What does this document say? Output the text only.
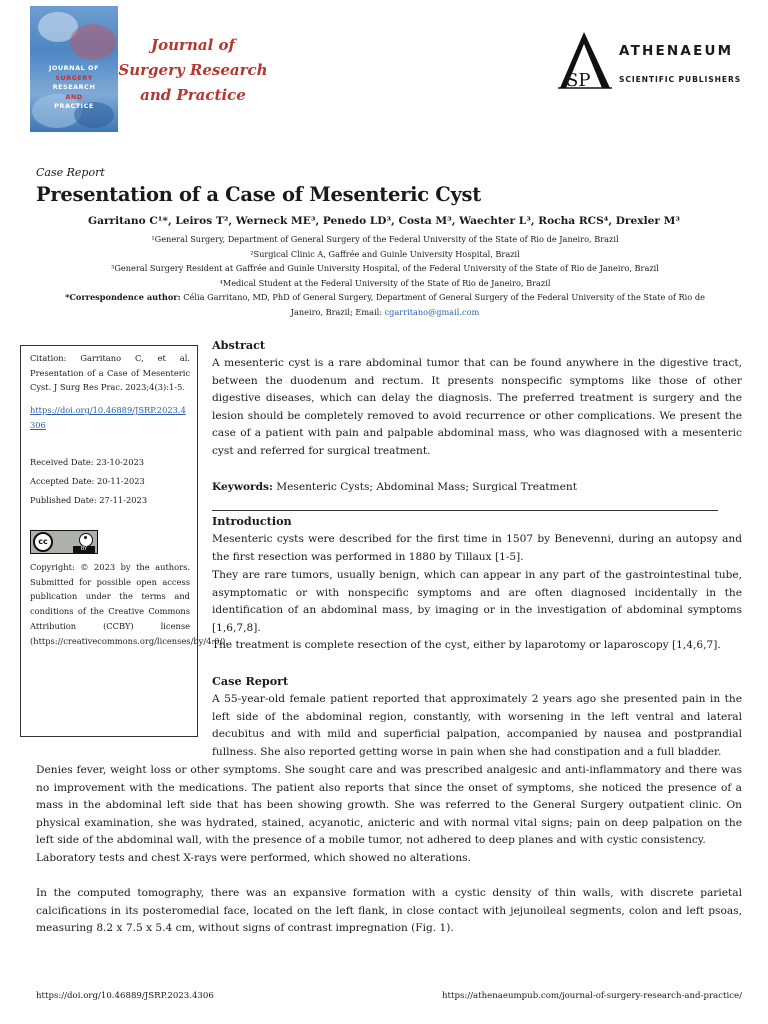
JOURNAL OF
SURGERY
RESEARCH
AND
PRACTICE
Journal of Surgery Research and Practice
SP
ATHENAEUM
SCIENTIFIC PUBLISHERS
Case Report
Presentation of a Case of Mesenteric Cyst
Garritano C¹*, Leiros T², Werneck ME³, Penedo LD³, Costa M³, Waechter L³, Rocha RCS⁴, Drexler M³
¹General Surgery, Department of General Surgery of the Federal University of the State of Rio de Janeiro, Brazil
²Surgical Clinic A, Gaffrée and Guinle University Hospital, Brazil
³General Surgery Resident at Gaffrée and Guinle University Hospital, of the Federal University of the State of Rio de Janeiro, Brazil
⁴Medical Student at the Federal University of the State of Rio de Janeiro, Brazil
*Correspondence author: Célia Garritano, MD, PhD of General Surgery, Department of General Surgery of the Federal University of the State of Rio de
Janeiro, Brazil; Email: cgarritano@gmail.com
Citation: Garritano C, et al. Presentation of a Case of Mesenteric Cyst. J Surg Res Prac. 2023;4(3):1-5.
https://doi.org/10.46889/JSRP.2023.4306
Received Date: 23-10-2023
Accepted Date: 20-11-2023
Published Date: 27-11-2023
cc
BY
Copyright: © 2023 by the authors. Submitted for possible open access publication under the terms and conditions of the Creative Commons Attribution (CCBY) license (https://creativecommons.org/licenses/by/4.0/).
Abstract
A mesenteric cyst is a rare abdominal tumor that can be found anywhere in the digestive tract, between the duodenum and rectum. It presents nonspecific symptoms like those of other digestive diseases, which can delay the diagnosis. The preferred treatment is surgery and the lesion should be completely removed to avoid recurrence or other complications. We present the case of a patient with pain and palpable abdominal mass, who was diagnosed with a mesenteric cyst and referred for surgical treatment.
Keywords: Mesenteric Cysts; Abdominal Mass; Surgical Treatment
Introduction
Mesenteric cysts were described for the first time in 1507 by Benevenni, during an autopsy and the first resection was performed in 1880 by Tillaux [1-5].
They are rare tumors, usually benign, which can appear in any part of the gastrointestinal tube, asymptomatic or with nonspecific symptoms and are often diagnosed incidentally in the identification of an abdominal mass, by imaging or in the investigation of abdominal symptoms [1,6,7,8].
The treatment is complete resection of the cyst, either by laparotomy or laparoscopy [1,4,6,7].
Case Report
A 55-year-old female patient reported that approximately 2 years ago she presented pain in the left side of the abdominal region, constantly, with worsening in the left ventral and lateral decubitus and with mild and superficial palpation, accompanied by nausea and postprandial fullness. She also reported getting worse in pain when she had constipation and a full bladder.
Denies fever, weight loss or other symptoms. She sought care and was prescribed analgesic and anti-inflammatory and there was no improvement with the medications. The patient also reports that since the onset of symptoms, she noticed the presence of a mass in the abdominal left side that has been showing growth. She was referred to the General Surgery outpatient clinic. On physical examination, she was hydrated, stained, acyanotic, anicteric and with normal vital signs; pain on deep palpation on the left side of the abdominal wall, with the presence of a mobile tumor, not adhered to deep planes and with cystic consistency.
Laboratory tests and chest X-rays were performed, which showed no alterations.
In the computed tomography, there was an expansive formation with a cystic density of thin walls, with discrete parietal calcifications in its posteromedial face, located on the left flank, in close contact with jejunoileal segments, colon and left psoas, measuring 8.2 x 7.5 x 5.4 cm, without signs of contrast impregnation (Fig. 1).
https://doi.org/10.46889/JSRP.2023.4306	https://athenaeumpub.com/journal-of-surgery-research-and-practice/
